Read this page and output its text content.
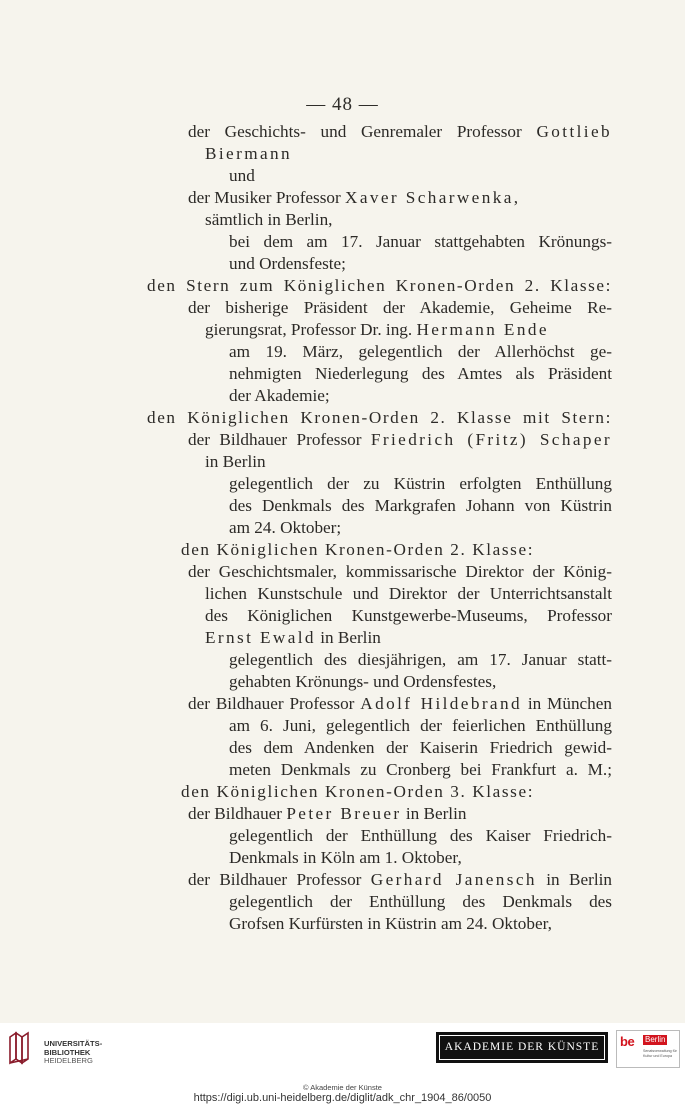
— 48 —
der Geschichts- und Genremaler Professor Gottlieb
Biermann
und
der Musiker Professor Xaver Scharwenka,
sämtlich in Berlin,
bei dem am 17. Januar stattgehabten Krönungs-
und Ordensfeste;
den Stern zum Königlichen Kronen-Orden 2. Klasse:
der bisherige Präsident der Akademie, Geheime Re-
gierungsrat, Professor Dr. ing. Hermann Ende
am 19. März, gelegentlich der Allerhöchst ge-
nehmigten Niederlegung des Amtes als Präsident
der Akademie;
den Königlichen Kronen-Orden 2. Klasse mit Stern:
der Bildhauer Professor Friedrich (Fritz) Schaper
in Berlin
gelegentlich der zu Küstrin erfolgten Enthüllung
des Denkmals des Markgrafen Johann von Küstrin
am 24. Oktober;
den Königlichen Kronen-Orden 2. Klasse:
der Geschichtsmaler, kommissarische Direktor der König-
lichen Kunstschule und Direktor der Unterrichtsanstalt
des Königlichen Kunstgewerbe-Museums, Professor
Ernst Ewald in Berlin
gelegentlich des diesjährigen, am 17. Januar statt-
gehabten Krönungs- und Ordensfestes,
der Bildhauer Professor Adolf Hildebrand in München
am 6. Juni, gelegentlich der feierlichen Enthüllung
des dem Andenken der Kaiserin Friedrich gewid-
meten Denkmals zu Cronberg bei Frankfurt a. M.;
den Königlichen Kronen-Orden 3. Klasse:
der Bildhauer Peter Breuer in Berlin
gelegentlich der Enthüllung des Kaiser Friedrich-
Denkmals in Köln am 1. Oktober,
der Bildhauer Professor Gerhard Janensch in Berlin
gelegentlich der Enthüllung des Denkmals des
Grofsen Kurfürsten in Küstrin am 24. Oktober,
UNIVERSITÄTS-
BIBLIOTHEK
HEIDELBERG
AKADEMIE DER KÜNSTE	be Berlin
Senatsverwaltung für Kultur und Europa
© Akademie der Künste
https://digi.ub.uni-heidelberg.de/diglit/adk_chr_1904_86/0050
